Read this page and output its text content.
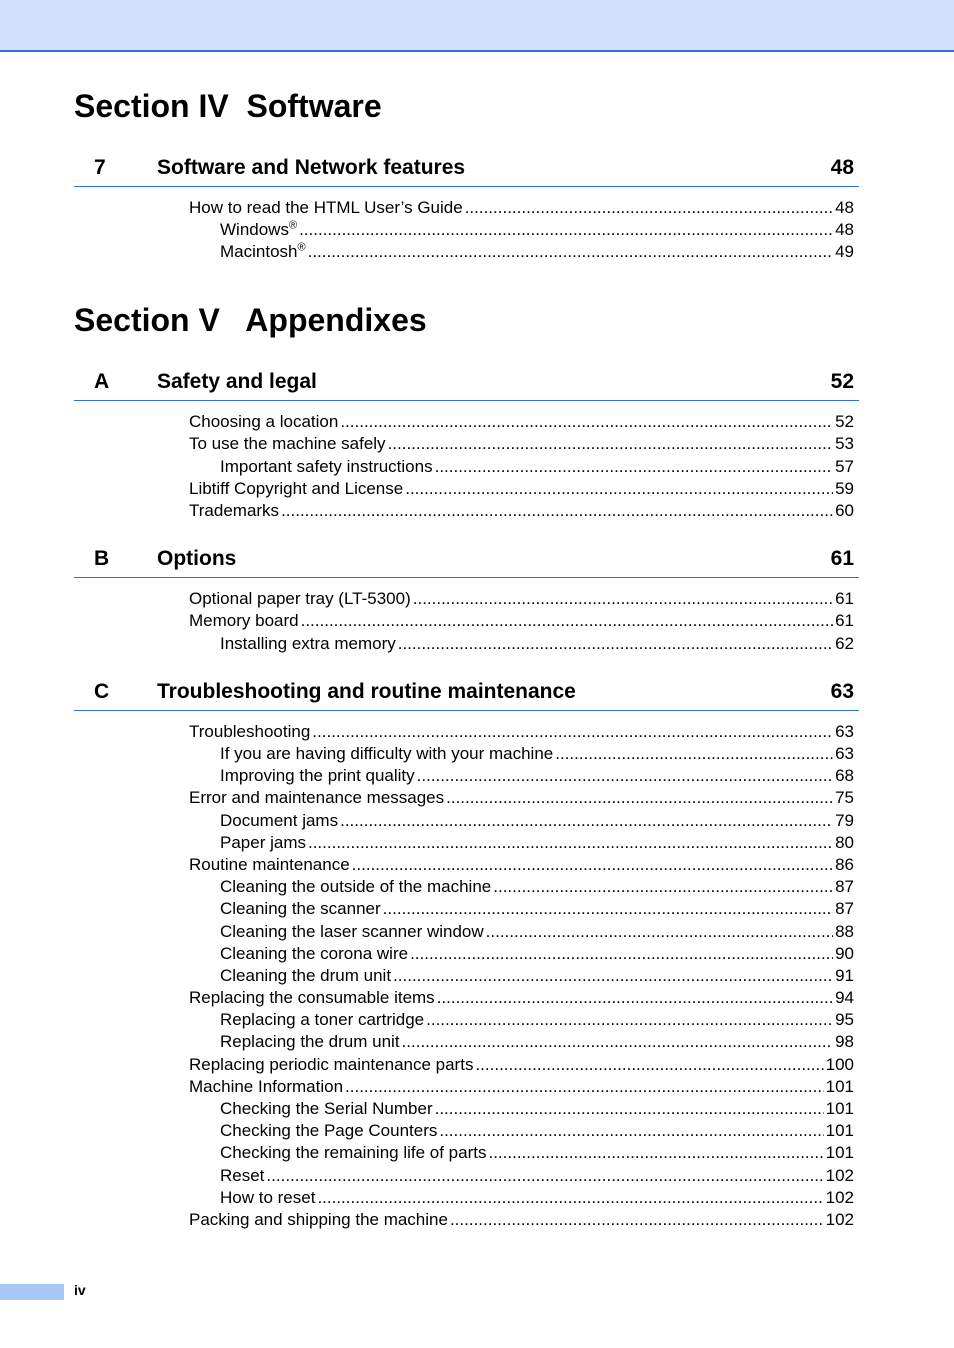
Section IV Software
7 Software and Network features	48
How to read the HTML User’s Guide .....	48
Windows® .....	48
Macintosh® .....	49
Section V Appendixes
A Safety and legal	52
Choosing a location .....	52
To use the machine safely .....	53
Important safety instructions .....	57
Libtiff Copyright and License .....	59
Trademarks .....	60
B Options	61
Optional paper tray (LT-5300) .....	61
Memory board .....	61
Installing extra memory .....	62
C Troubleshooting and routine maintenance	63
Troubleshooting .....	63
If you are having difficulty with your machine .....	63
Improving the print quality .....	68
Error and maintenance messages .....	75
Document jams .....	79
Paper jams .....	80
Routine maintenance .....	86
Cleaning the outside of the machine .....	87
Cleaning the scanner .....	87
Cleaning the laser scanner window .....	88
Cleaning the corona wire .....	90
Cleaning the drum unit .....	91
Replacing the consumable items .....	94
Replacing a toner cartridge .....	95
Replacing the drum unit .....	98
Replacing periodic maintenance parts .....	100
Machine Information .....	101
Checking the Serial Number .....	101
Checking the Page Counters .....	101
Checking the remaining life of parts .....	101
Reset .....	102
How to reset .....	102
Packing and shipping the machine .....	102
iv
